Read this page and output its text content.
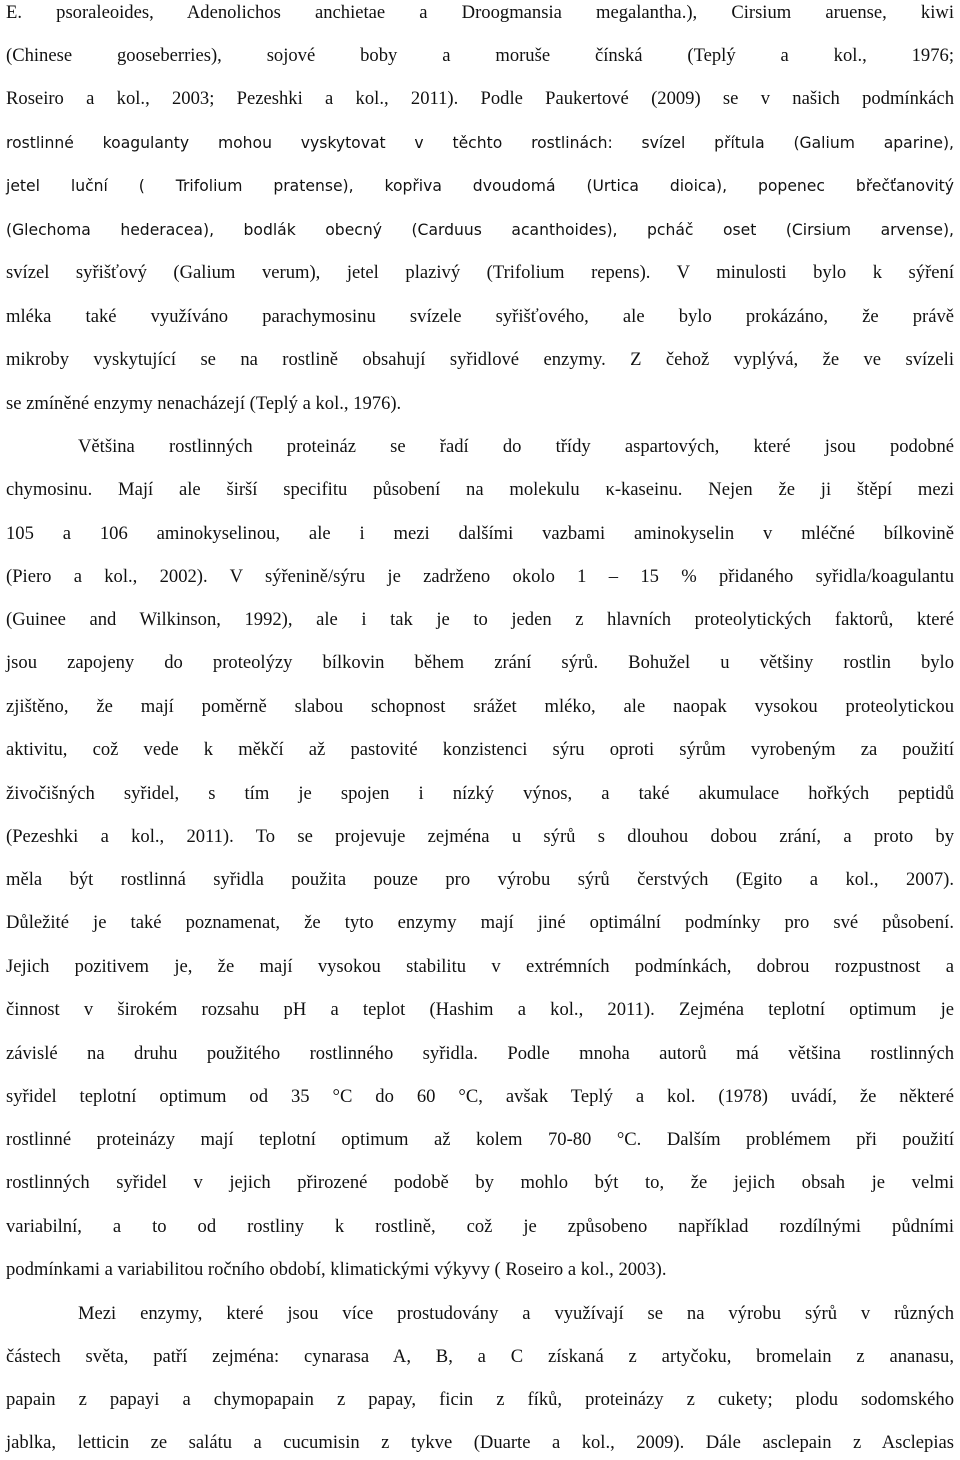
E. psoraleoides, Adenolichos anchietae a Droogmansia megalantha.), Cirsium aruense, kiwi
(Chinese gooseberries), sojové boby a moruše čínská (Teplý a kol., 1976;
Roseiro a kol., 2003; Pezeshki a kol., 2011). Podle Paukertové (2009) se v našich podmínkách
rostlinné koagulanty mohou vyskytovat v těchto rostlinách: svízel přítula (Galium aparine),
jetel luční ( Trifolium pratense), kopřiva dvoudomá (Urtica dioica), popenec břečťanovitý
(Glechoma hederacea), bodlák obecný (Carduus acanthoides), pcháč oset (Cirsium arvense),
svízel syřišťový (Galium verum), jetel plazivý (Trifolium repens). V minulosti bylo k sýření
mléka také využíváno parachymosinu svízele syřišťového, ale bylo prokázáno, že právě
mikroby vyskytující se na rostlině obsahují syřidlové enzymy. Z čehož vyplývá, že ve svízeli
se zmíněné enzymy nenacházejí (Teplý a kol., 1976).
Většina rostlinných proteináz se řadí do třídy aspartových, které jsou podobné
chymosinu. Mají ale širší specifitu působení na molekulu κ-kaseinu. Nejen že ji štěpí mezi
105 a 106 aminokyselinou, ale i mezi dalšími vazbami aminokyselin v mléčné bílkovině
(Piero a kol., 2002). V sýřenině/sýru je zadrženo okolo 1 – 15 % přidaného syřidla/koagulantu
(Guinee and Wilkinson, 1992), ale i tak je to jeden z hlavních proteolytických faktorů, které
jsou zapojeny do proteolýzy bílkovin během zrání sýrů. Bohužel u většiny rostlin bylo
zjištěno, že mají poměrně slabou schopnost srážet mléko, ale naopak vysokou proteolytickou
aktivitu, což vede k měkčí až pastovité konzistenci sýru oproti sýrům vyrobeným za použití
živočišných syřidel, s tím je spojen i nízký výnos, a také akumulace hořkých peptidů
(Pezeshki a kol., 2011). To se projevuje zejména u sýrů s dlouhou dobou zrání, a proto by
měla být rostlinná syřidla použita pouze pro výrobu sýrů čerstvých (Egito a kol., 2007).
Důležité je také poznamenat, že tyto enzymy mají jiné optimální podmínky pro své působení.
Jejich pozitivem je, že mají vysokou stabilitu v extrémních podmínkách, dobrou rozpustnost a
činnost v širokém rozsahu pH a teplot (Hashim a kol., 2011). Zejména teplotní optimum je
závislé na druhu použitého rostlinného syřidla. Podle mnoha autorů má většina rostlinných
syřidel teplotní optimum od 35 °C do 60 °C, avšak Teplý a kol. (1978) uvádí, že některé
rostlinné proteinázy mají teplotní optimum až kolem 70-80 °C. Dalším problémem při použití
rostlinných syřidel v jejich přirozené podobě by mohlo být to, že jejich obsah je velmi
variabilní, a to od rostliny k rostlině, což je způsobeno například rozdílnými půdními
podmínkami a variabilitou ročního období, klimatickými výkyvy ( Roseiro a kol., 2003).
Mezi enzymy, které jsou více prostudovány a využívají se na výrobu sýrů v různých
částech světa, patří zejména: cynarasa A, B, a C získaná z artyčoku, bromelain z ananasu,
papain z papayi a chymopapain z papay, ficin z fíků, proteinázy z cukety; plodu sodomského
jablka, letticin ze salátu a cucumisin z tykve (Duarte a kol., 2009). Dále asclepain z Asclepias
